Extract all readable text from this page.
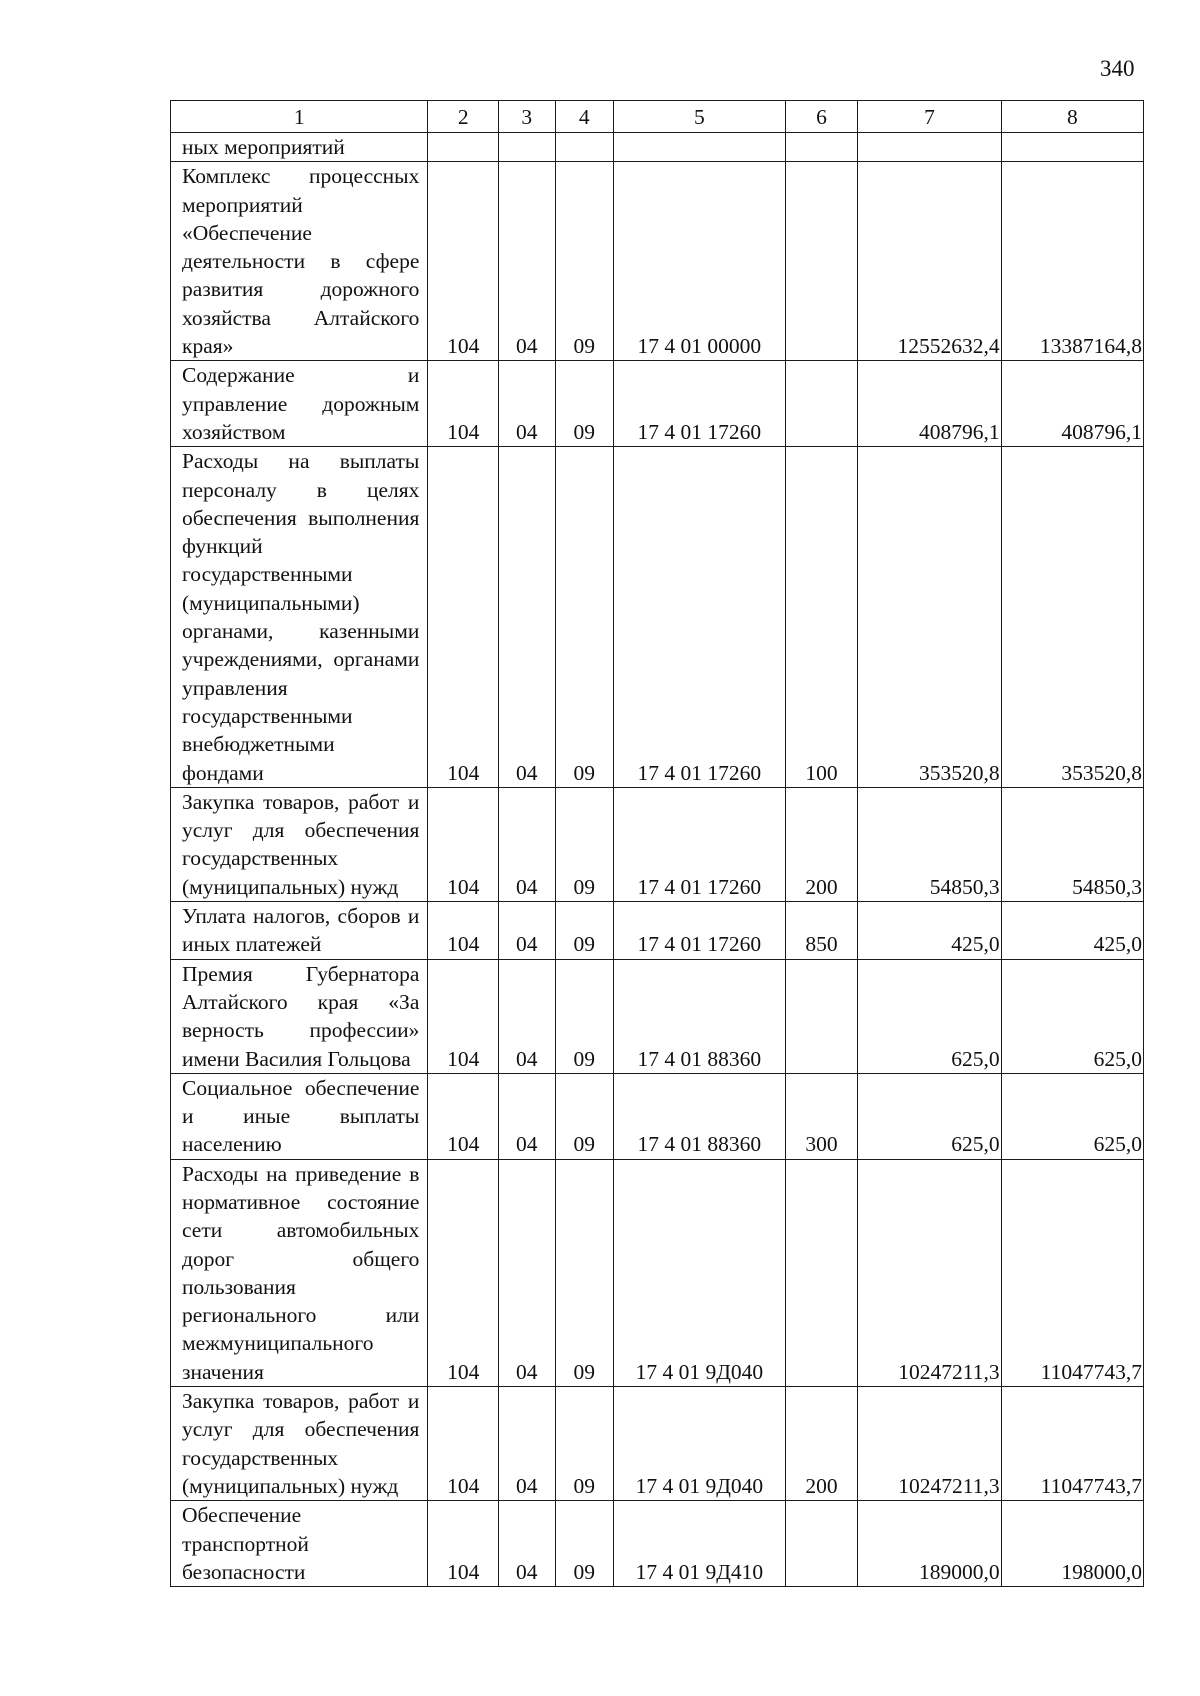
340
1	2	3	4	5	6	7	8
ных мероприятий							
Комплекс процессных мероприятий «Обеспечение деятельности в сфере развития дорожного хозяйства Алтайского края»	104	04	09	17 4 01 00000		12552632,4	13387164,8
Содержание и управление дорожным хозяйством	104	04	09	17 4 01 17260		408796,1	408796,1
Расходы на выплаты персоналу в целях обеспечения выполнения функций государственными (муниципальными) органами, казенными учреждениями, органами управления государственными внебюджетными фондами	104	04	09	17 4 01 17260	100	353520,8	353520,8
Закупка товаров, работ и услуг для обеспечения государственных (муниципальных) нужд	104	04	09	17 4 01 17260	200	54850,3	54850,3
Уплата налогов, сборов и иных платежей	104	04	09	17 4 01 17260	850	425,0	425,0
Премия Губернатора Алтайского края «За верность профессии» имени Василия Гольцова	104	04	09	17 4 01 88360		625,0	625,0
Социальное обеспечение и иные выплаты населению	104	04	09	17 4 01 88360	300	625,0	625,0
Расходы на приведение в нормативное состояние сети автомобильных дорог общего пользования регионального или межмуниципального значения	104	04	09	17 4 01 9Д040		10247211,3	11047743,7
Закупка товаров, работ и услуг для обеспечения государственных (муниципальных) нужд	104	04	09	17 4 01 9Д040	200	10247211,3	11047743,7
Обеспечение транспортной безопасности	104	04	09	17 4 01 9Д410		189000,0	198000,0
